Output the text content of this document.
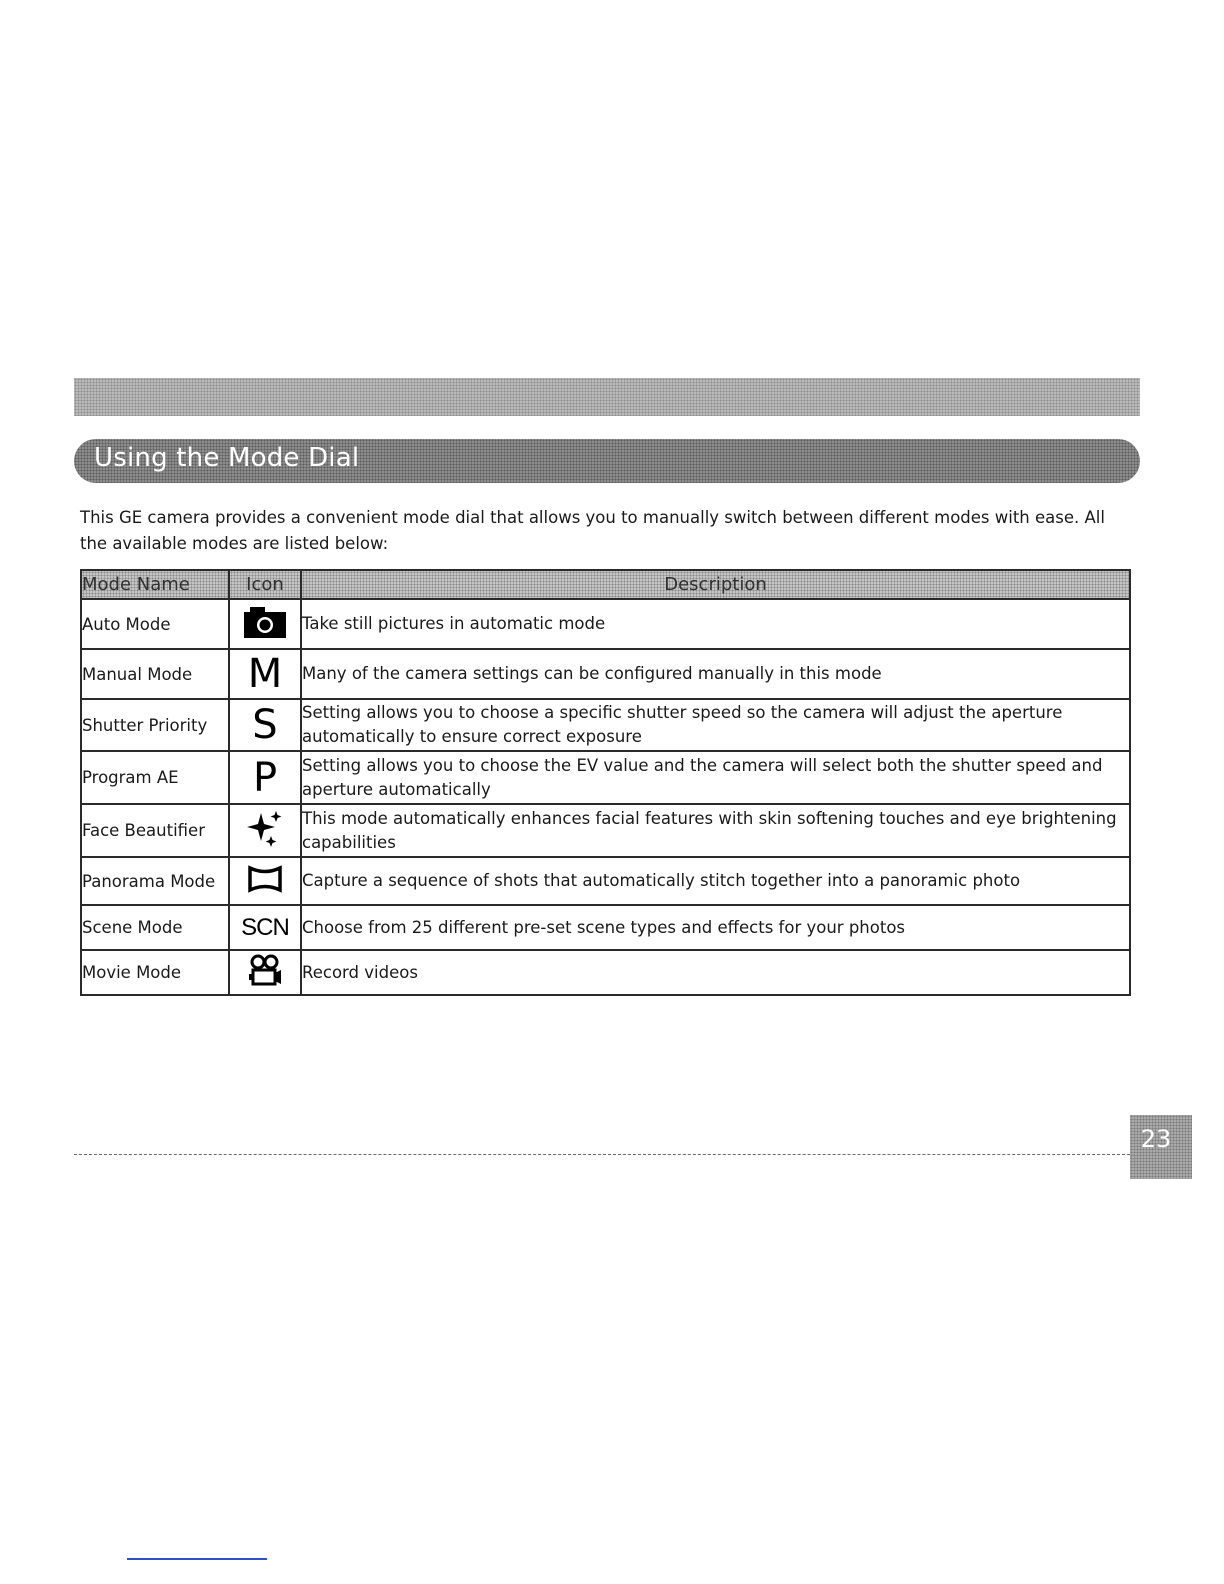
Using the Mode Dial

This GE camera provides a convenient mode dial that allows you to manually switch between different modes with ease. All the available modes are listed below:

Mode Name	Icon	Description
Auto Mode		Take still pictures in automatic mode
Manual Mode	M	Many of the camera settings can be configured manually in this mode
Shutter Priority	S	Setting allows you to choose a specific shutter speed so the camera will adjust the aperture automatically to ensure correct exposure
Program AE	P	Setting allows you to choose the EV value and the camera will select both the shutter speed and aperture automatically
Face Beautifier		This mode automatically enhances facial features with skin softening touches and eye brightening capabilities
Panorama Mode		Capture a sequence of shots that automatically stitch together into a panoramic photo
Scene Mode	SCN	Choose from 25 different pre-set scene types and effects for your photos
Movie Mode		Record videos
23
